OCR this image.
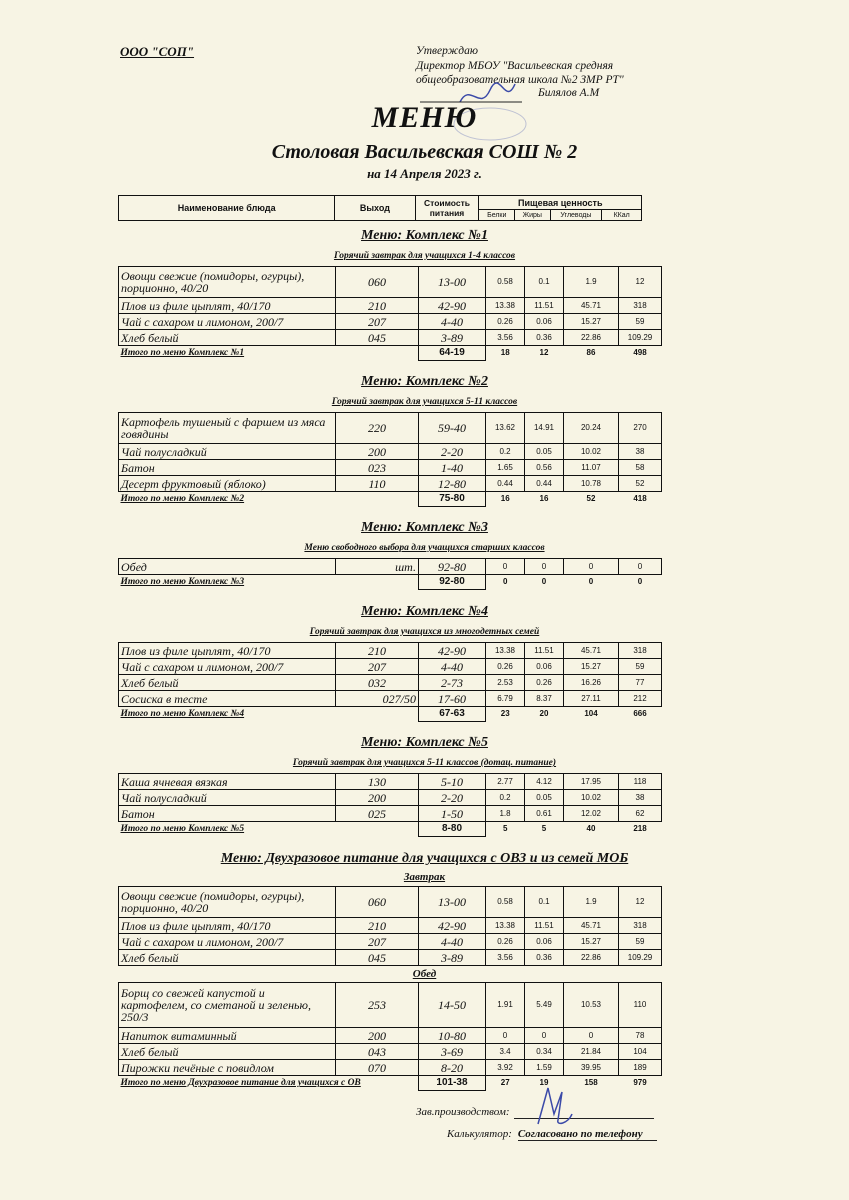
ООО "СОП"	Утверждаю
Директор МБОУ "Васильевская средняя
общеобразовательная школа №2 ЗМР РТ"
Билялов А.М
МЕНЮ
Столовая Васильевская СОШ № 2
на 14 Апреля 2023 г.
Наименование блюда	Выход	Стоимость питания	Пищевая ценность			
			Белки	Жиры	Углеводы	ККал
Меню: Комплекс №1
Горячий завтрак для учащихся 1-4 классов
Овощи свежие (помидоры, огурцы), порционно, 40/20	060	13-00	0.58	0.1	1.9	12
Плов из филе цыплят, 40/170	210	42-90	13.38	11.51	45.71	318
Чай с сахаром и лимоном, 200/7	207	4-40	0.26	0.06	15.27	59
Хлеб белый	045	3-89	3.56	0.36	22.86	109.29
Итого по меню Комплекс №1		64-19	18	12	86	498
Меню: Комплекс №2
Горячий завтрак для учащихся 5-11 классов
Картофель тушеный с фаршем из мяса говядины	220	59-40	13.62	14.91	20.24	270
Чай полусладкий	200	2-20	0.2	0.05	10.02	38
Батон	023	1-40	1.65	0.56	11.07	58
Десерт фруктовый (яблоко)	110	12-80	0.44	0.44	10.78	52
Итого по меню Комплекс №2		75-80	16	16	52	418
Меню: Комплекс №3
Меню свободного выбора для учащихся старших классов
Обед	шт.	92-80	0	0	0	0
Итого по меню Комплекс №3		92-80	0	0	0	0
Меню: Комплекс №4
Горячий завтрак для учащихся из многодетных семей
Плов из филе цыплят, 40/170	210	42-90	13.38	11.51	45.71	318
Чай с сахаром и лимоном, 200/7	207	4-40	0.26	0.06	15.27	59
Хлеб белый	032	2-73	2.53	0.26	16.26	77
Сосиска в тесте	027/50	17-60	6.79	8.37	27.11	212
Итого по меню Комплекс №4		67-63	23	20	104	666
Меню: Комплекс №5
Горячий завтрак для учащихся 5-11 классов (дотац. питание)
Каша ячневая вязкая	130	5-10	2.77	4.12	17.95	118
Чай полусладкий	200	2-20	0.2	0.05	10.02	38
Батон	025	1-50	1.8	0.61	12.02	62
Итого по меню Комплекс №5		8-80	5	5	40	218
Меню: Двухразовое питание для учащихся с ОВЗ и из семей МОБ
Завтрак
Овощи свежие (помидоры, огурцы), порционно, 40/20	060	13-00	0.58	0.1	1.9	12
Плов из филе цыплят, 40/170	210	42-90	13.38	11.51	45.71	318
Чай с сахаром и лимоном, 200/7	207	4-40	0.26	0.06	15.27	59
Хлеб белый	045	3-89	3.56	0.36	22.86	109.29
Обед
Борщ со свежей капустой и картофелем, со сметаной и зеленью, 250/3	253	14-50	1.91	5.49	10.53	110
Напиток витаминный	200	10-80	0	0	0	78
Хлеб белый	043	3-69	3.4	0.34	21.84	104
Пирожки печёные с повидлом	070	8-20	3.92	1.59	39.95	189
Итого по меню Двухразовое питание для учащихся с ОВ		101-38	27	19	158	979
Зав.производством:
Калькулятор: Согласовано по телефону
